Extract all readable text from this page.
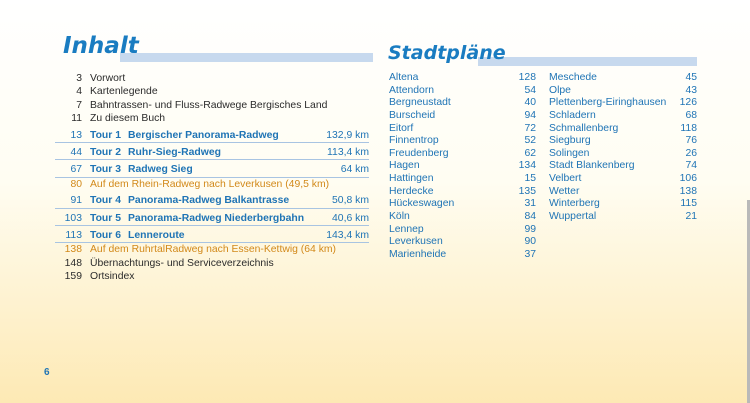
Inhalt	Stadtpläne
3 Vorwort
4 Kartenlegende
7 Bahntrassen- und Fluss-Radwege Bergisches Land
11 Zu diesem Buch
13 Tour 1 Bergischer Panorama-Radweg	132,9 km
44 Tour 2 Ruhr-Sieg-Radweg	113,4 km
67 Tour 3 Radweg Sieg	64 km
80 Auf dem Rhein-Radweg nach Leverkusen (49,5 km)
91 Tour 4 Panorama-Radweg Balkantrasse	50,8 km
103 Tour 5 Panorama-Radweg Niederbergbahn	40,6 km
113 Tour 6 Lenneroute	143,4 km
138 Auf dem RuhrtalRadweg nach Essen-Kettwig (64 km)
148 Übernachtungs- und Serviceverzeichnis
159 Ortsindex
Altena	128
Attendorn	54
Bergneustadt	40
Burscheid	94
Eitorf	72
Finnentrop	52
Freudenberg	62
Hagen	134
Hattingen	15
Herdecke	135
Hückeswagen	31
Köln	84
Lennep	99
Leverkusen	90
Marienheide	37
Meschede	45
Olpe	43
Plettenberg-Eiringhausen 126
Schladern	68
Schmallenberg	118
Siegburg	76
Solingen	26
Stadt Blankenberg	74
Velbert	106
Wetter	138
Winterberg	115
Wuppertal	21
6
